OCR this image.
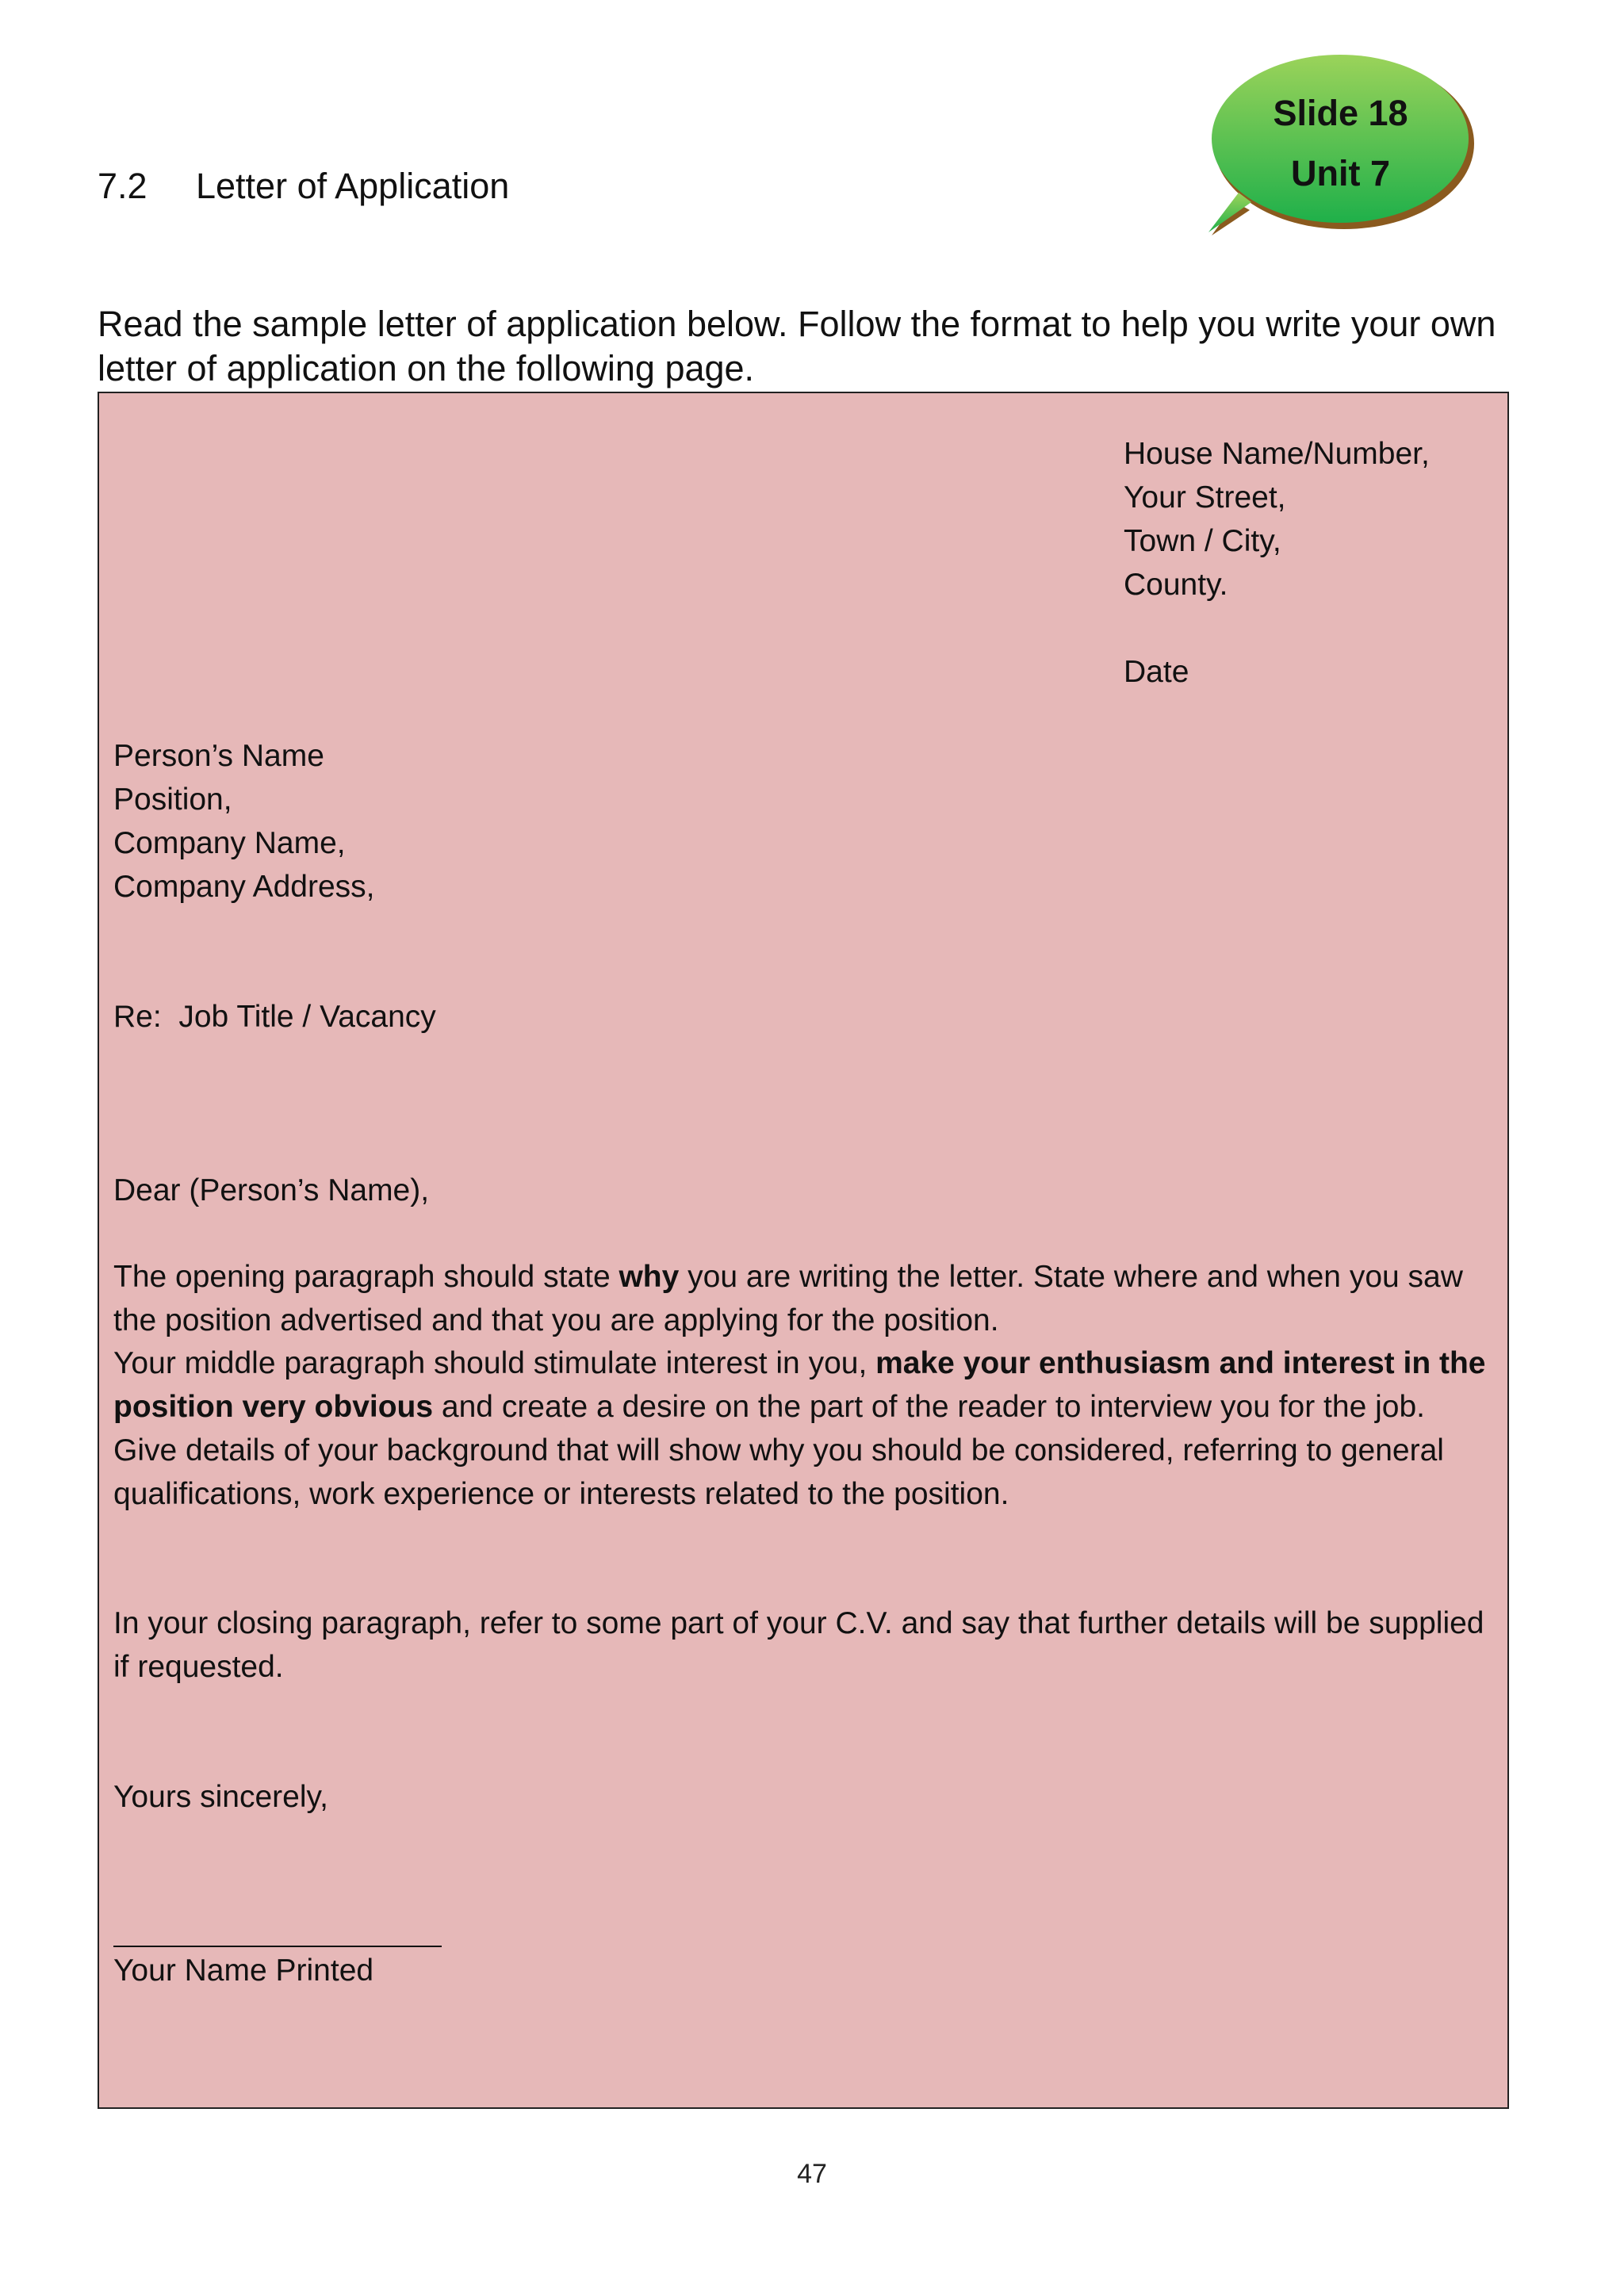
7.2 Letter of Application
Slide 18
Unit 7
Read the sample letter of application below. Follow the format to help you write your own letter of application on the following page.
House Name/Number,
Your Street,
Town / City,
County.
Date
Person’s Name
Position,
Company Name,
Company Address,
Re:  Job Title / Vacancy
Dear (Person’s Name),

The opening paragraph should state why you are writing the letter. State where and when you saw the position advertised and that you are applying for the position.

Your middle paragraph should stimulate interest in you, make your enthusiasm and interest in the position very obvious and create a desire on the part of the reader to interview you for the job. Give details of your background that will show why you should be considered, referring to general qualifications, work experience or interests related to the position.

In your closing paragraph, refer to some part of your C.V. and say that further details will be supplied if requested.

Yours sincerely,
Your Name Printed
47
